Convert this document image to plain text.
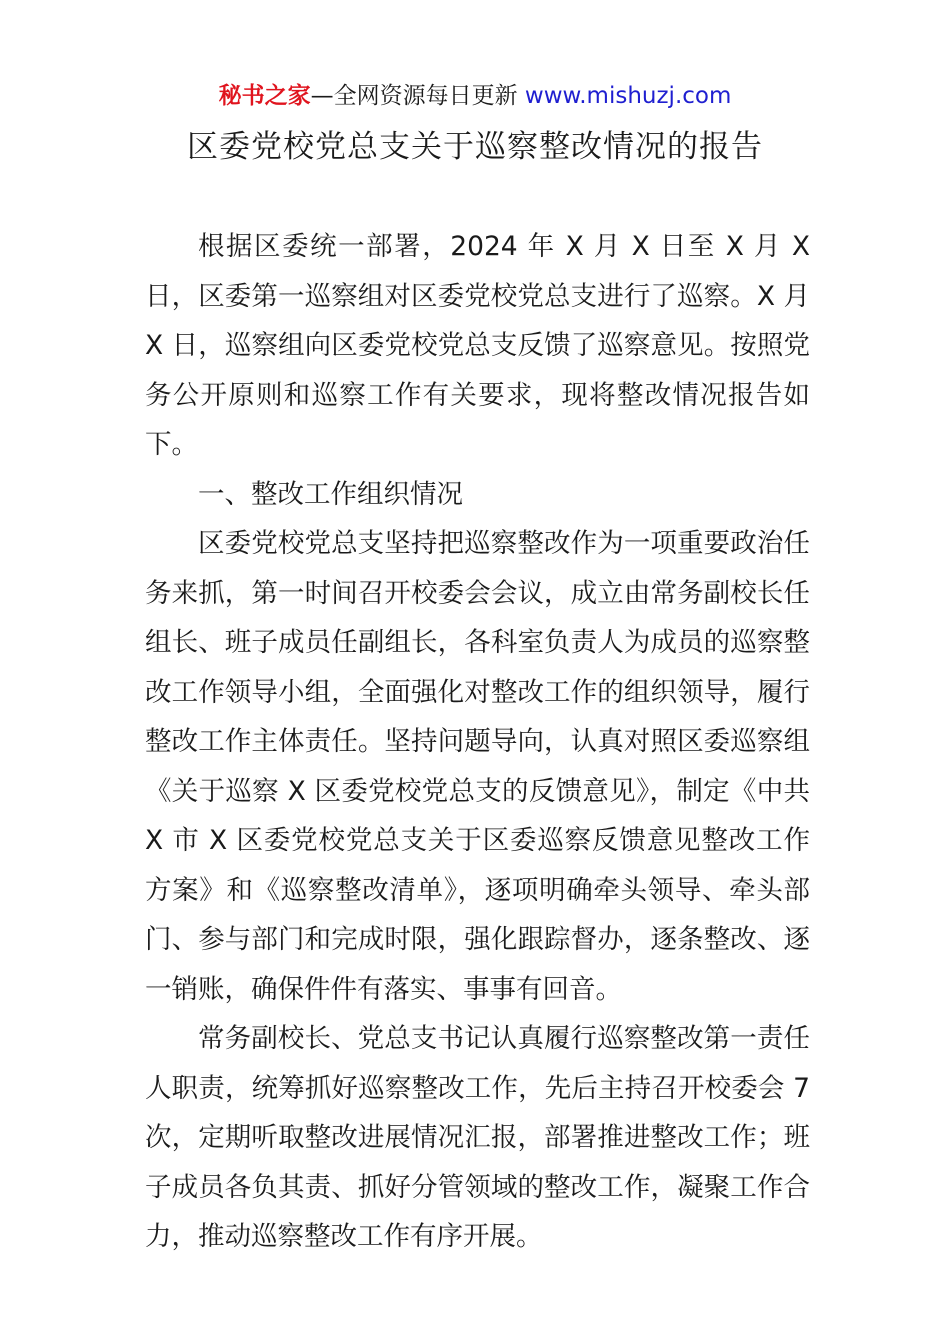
秘书之家—全网资源每日更新 www.mishuzj.com
区委党校党总支关于巡察整改情况的报告

根据区委统一部署，2024 年 X 月 X 日至 X 月 X 日，区委第一巡察组对区委党校党总支进行了巡察。X 月 X 日，巡察组向区委党校党总支反馈了巡察意见。按照党务公开原则和巡察工作有关要求，现将整改情况报告如下。

一、整改工作组织情况

区委党校党总支坚持把巡察整改作为一项重要政治任务来抓，第一时间召开校委会会议，成立由常务副校长任组长、班子成员任副组长，各科室负责人为成员的巡察整改工作领导小组，全面强化对整改工作的组织领导，履行整改工作主体责任。坚持问题导向，认真对照区委巡察组《关于巡察 X 区委党校党总支的反馈意见》，制定《中共 X 市 X 区委党校党总支关于区委巡察反馈意见整改工作方案》和《巡察整改清单》，逐项明确牵头领导、牵头部门、参与部门和完成时限，强化跟踪督办，逐条整改、逐一销账，确保件件有落实、事事有回音。

常务副校长、党总支书记认真履行巡察整改第一责任人职责，统筹抓好巡察整改工作，先后主持召开校委会 7 次，定期听取整改进展情况汇报，部署推进整改工作；班子成员各负其责、抓好分管领域的整改工作，凝聚工作合力，推动巡察整改工作有序开展。
